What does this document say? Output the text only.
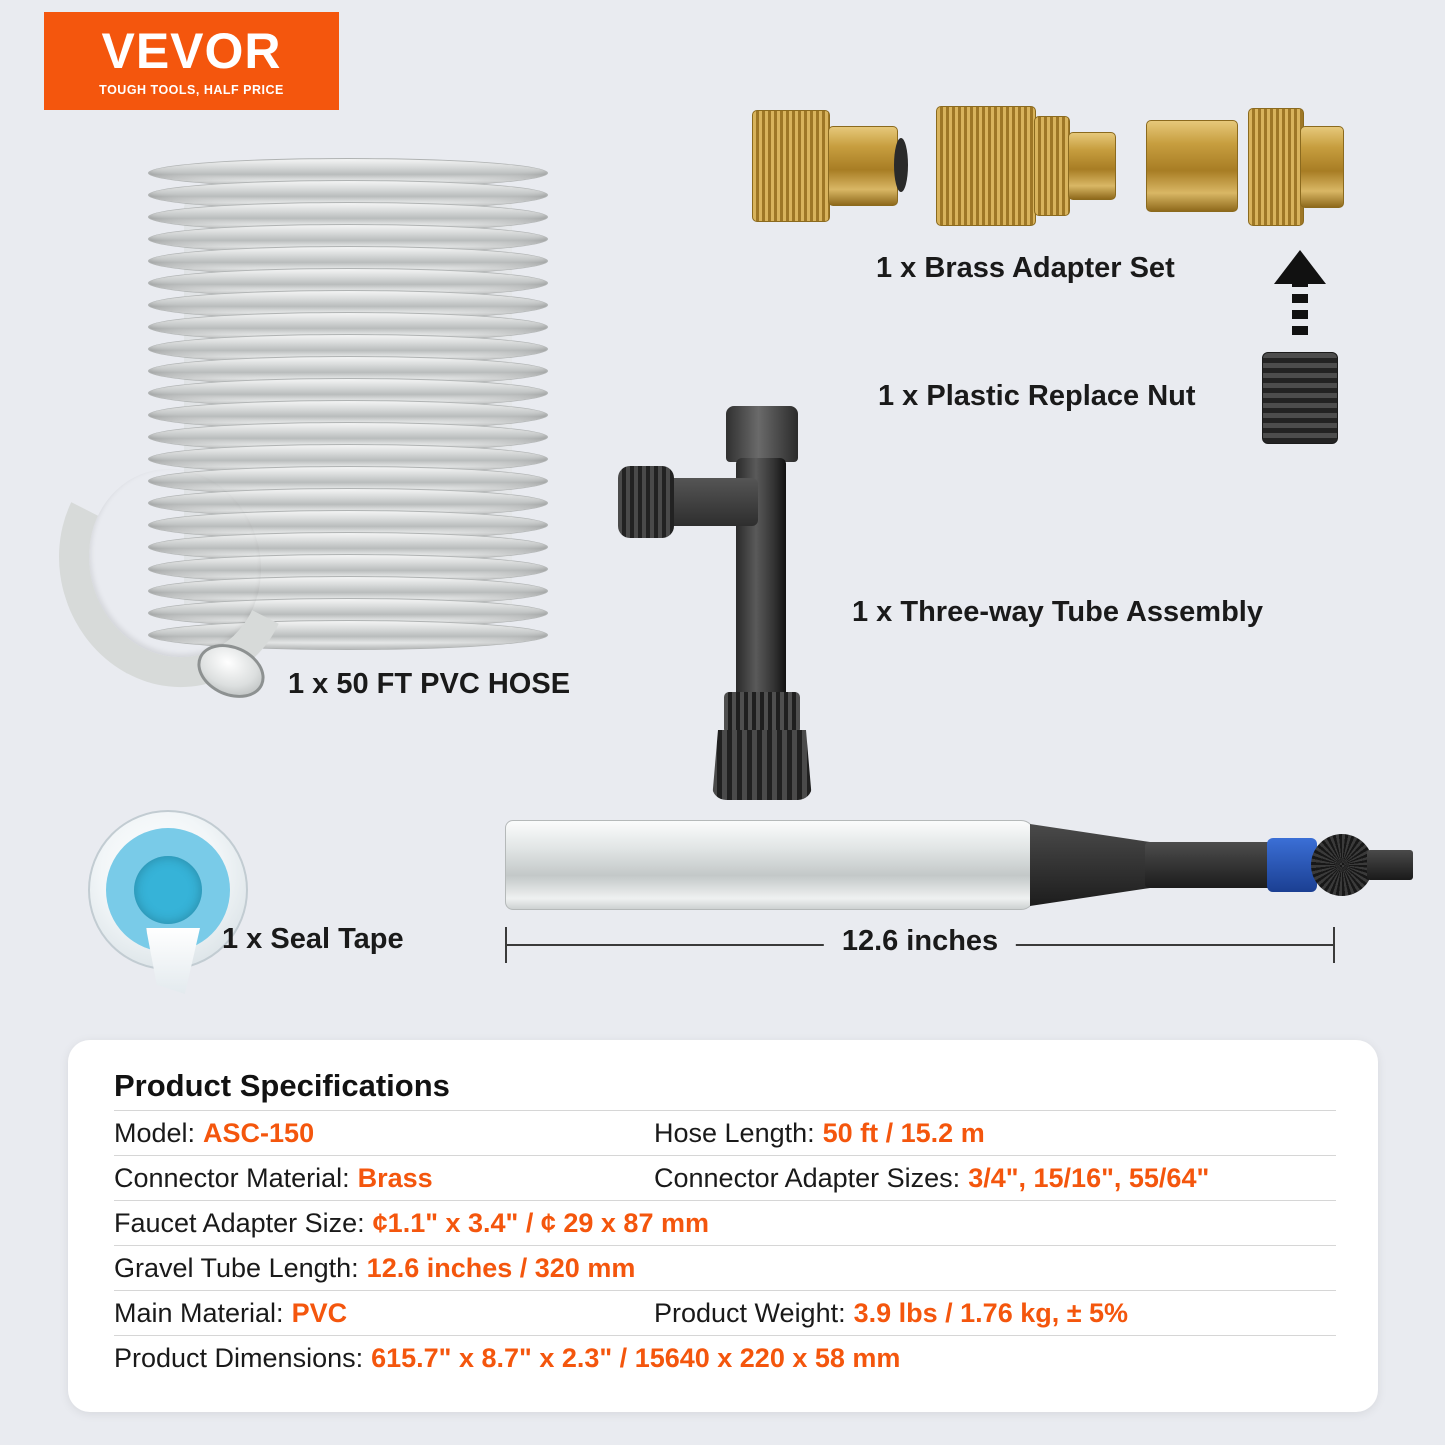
VEVOR
TOUGH TOOLS, HALF PRICE
1 x 50 FT PVC HOSE
1 x Brass Adapter Set
1 x Plastic Replace Nut
1 x Three-way Tube Assembly
1 x Seal Tape	12.6 inches
Product Specifications
Model: ASC-150	Hose Length: 50 ft / 15.2 m
Connector Material: Brass	Connector Adapter Sizes: 3/4", 15/16", 55/64"
Faucet Adapter Size: ¢1.1" x 3.4" / ¢ 29 x 87 mm
Gravel Tube Length: 12.6 inches / 320 mm
Main Material: PVC	Product Weight: 3.9 lbs / 1.76 kg, ± 5%
Product Dimensions: 615.7" x 8.7" x 2.3" / 15640 x 220 x 58 mm
